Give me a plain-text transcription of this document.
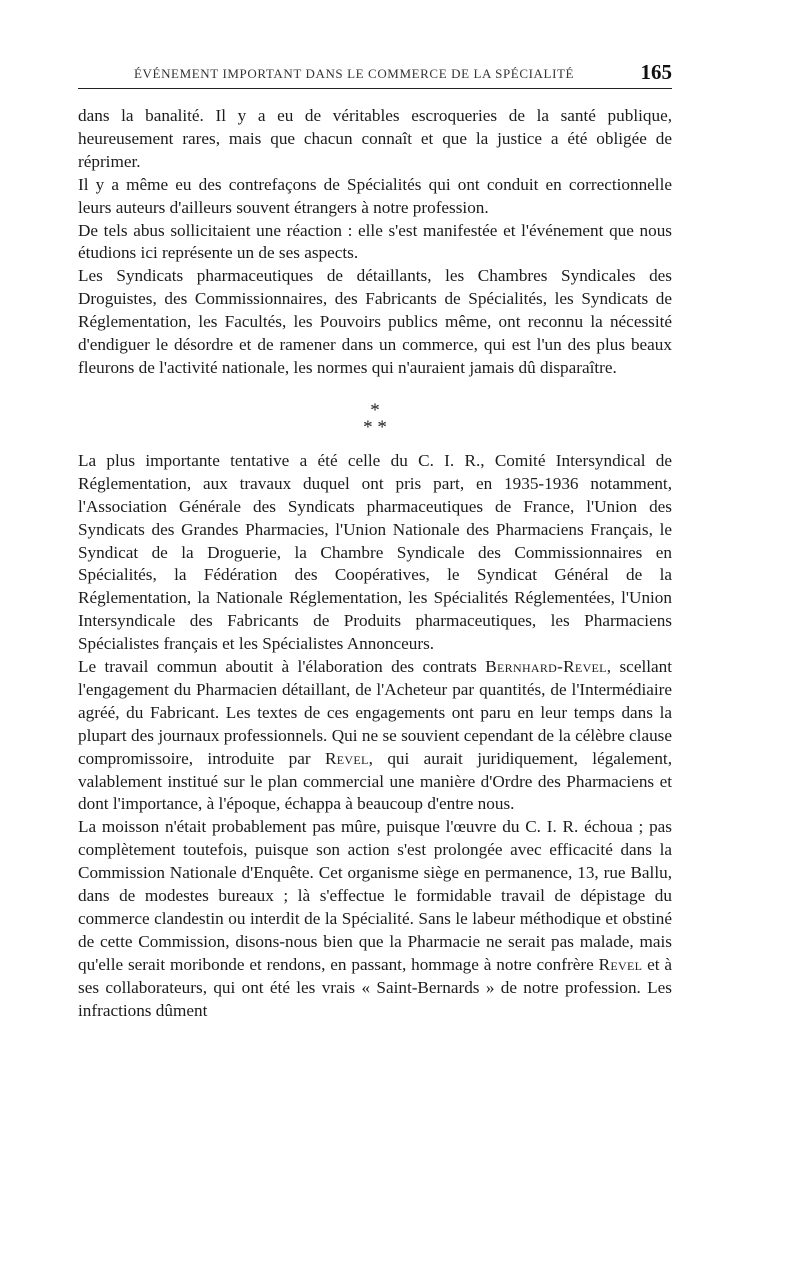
ÉVÉNEMENT IMPORTANT DANS LE COMMERCE DE LA SPÉCIALITÉ	165

dans la banalité. Il y a eu de véritables escroqueries de la santé publique, heureusement rares, mais que chacun connaît et que la justice a été obligée de réprimer.

Il y a même eu des contrefaçons de Spécialités qui ont conduit en correctionnelle leurs auteurs d'ailleurs souvent étrangers à notre profession.

De tels abus sollicitaient une réaction : elle s'est manifestée et l'événement que nous étudions ici représente un de ses aspects.

Les Syndicats pharmaceutiques de détaillants, les Chambres Syndicales des Droguistes, des Commissionnaires, des Fabricants de Spécialités, les Syndicats de Réglementation, les Facultés, les Pouvoirs publics même, ont reconnu la nécessité d'endiguer le désordre et de ramener dans un commerce, qui est l'un des plus beaux fleurons de l'activité nationale, les normes qui n'auraient jamais dû disparaître.

*
* *

La plus importante tentative a été celle du C. I. R., Comité Intersyndical de Réglementation, aux travaux duquel ont pris part, en 1935-1936 notamment, l'Association Générale des Syndicats pharmaceutiques de France, l'Union des Syndicats des Grandes Pharmacies, l'Union Nationale des Pharmaciens Français, le Syndicat de la Droguerie, la Chambre Syndicale des Commissionnaires en Spécialités, la Fédération des Coopératives, le Syndicat Général de la Réglementation, la Nationale Réglementation, les Spécialités Réglementées, l'Union Intersyndicale des Fabricants de Produits pharmaceutiques, les Pharmaciens Spécialistes français et les Spécialistes Annonceurs.

Le travail commun aboutit à l'élaboration des contrats Bernhard-Revel, scellant l'engagement du Pharmacien détaillant, de l'Acheteur par quantités, de l'Intermédiaire agréé, du Fabricant. Les textes de ces engagements ont paru en leur temps dans la plupart des journaux professionnels. Qui ne se souvient cependant de la célèbre clause compromissoire, introduite par Revel, qui aurait juridiquement, légalement, valablement institué sur le plan commercial une manière d'Ordre des Pharmaciens et dont l'importance, à l'époque, échappa à beaucoup d'entre nous.

La moisson n'était probablement pas mûre, puisque l'œuvre du C. I. R. échoua ; pas complètement toutefois, puisque son action s'est prolongée avec efficacité dans la Commission Nationale d'Enquête. Cet organisme siège en permanence, 13, rue Ballu, dans de modestes bureaux ; là s'effectue le formidable travail de dépistage du commerce clandestin ou interdit de la Spécialité. Sans le labeur méthodique et obstiné de cette Commission, disons-nous bien que la Pharmacie ne serait pas malade, mais qu'elle serait moribonde et rendons, en passant, hommage à notre confrère Revel et à ses collaborateurs, qui ont été les vrais « Saint-Bernards » de notre profession. Les infractions dûment
